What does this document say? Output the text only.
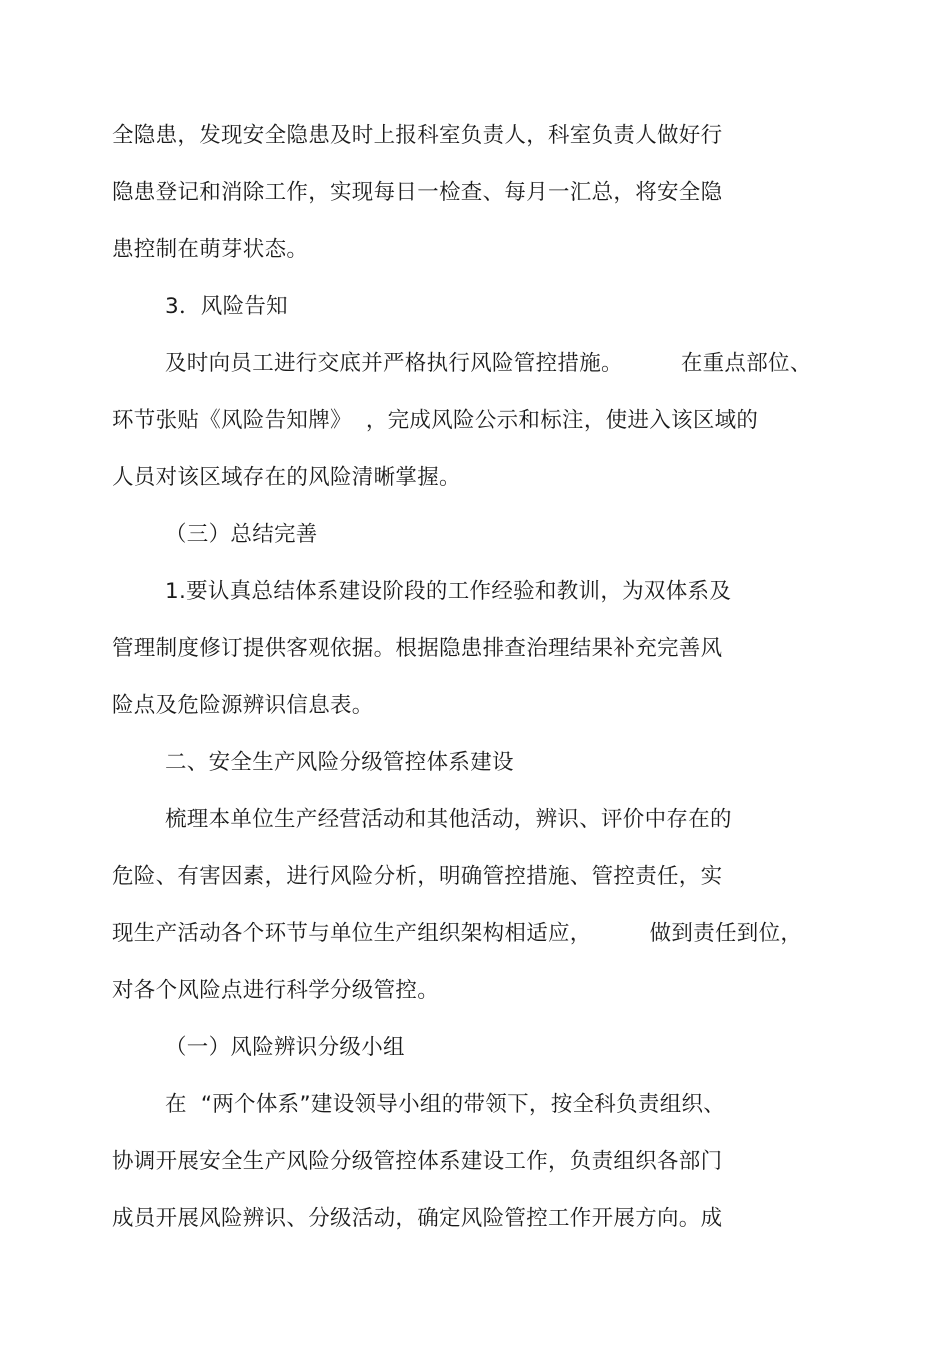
全隐患，发现安全隐患及时上报科室负责人，科室负责人做好行
隐患登记和消除工作，实现每日一检查、每月一汇总，将安全隐
患控制在萌芽状态。
3．风险告知
及时向员工进行交底并严格执行风险管控措施。	在重点部位、
环节张贴《风险告知牌》 ，完成风险公示和标注，使进入该区域的
人员对该区域存在的风险清晰掌握。
（三）总结完善
1.要认真总结体系建设阶段的工作经验和教训，为双体系及
管理制度修订提供客观依据。根据隐患排查治理结果补充完善风
险点及危险源辨识信息表。
二、安全生产风险分级管控体系建设
梳理本单位生产经营活动和其他活动，辨识、评价中存在的
危险、有害因素，进行风险分析，明确管控措施、管控责任，实
现生产活动各个环节与单位生产组织架构相适应，	做到责任到位，
对各个风险点进行科学分级管控。
（一）风险辨识分级小组
在 “两个体系”建设领导小组的带领下，按全科负责组织、
协调开展安全生产风险分级管控体系建设工作，负责组织各部门
成员开展风险辨识、分级活动，确定风险管控工作开展方向。成
